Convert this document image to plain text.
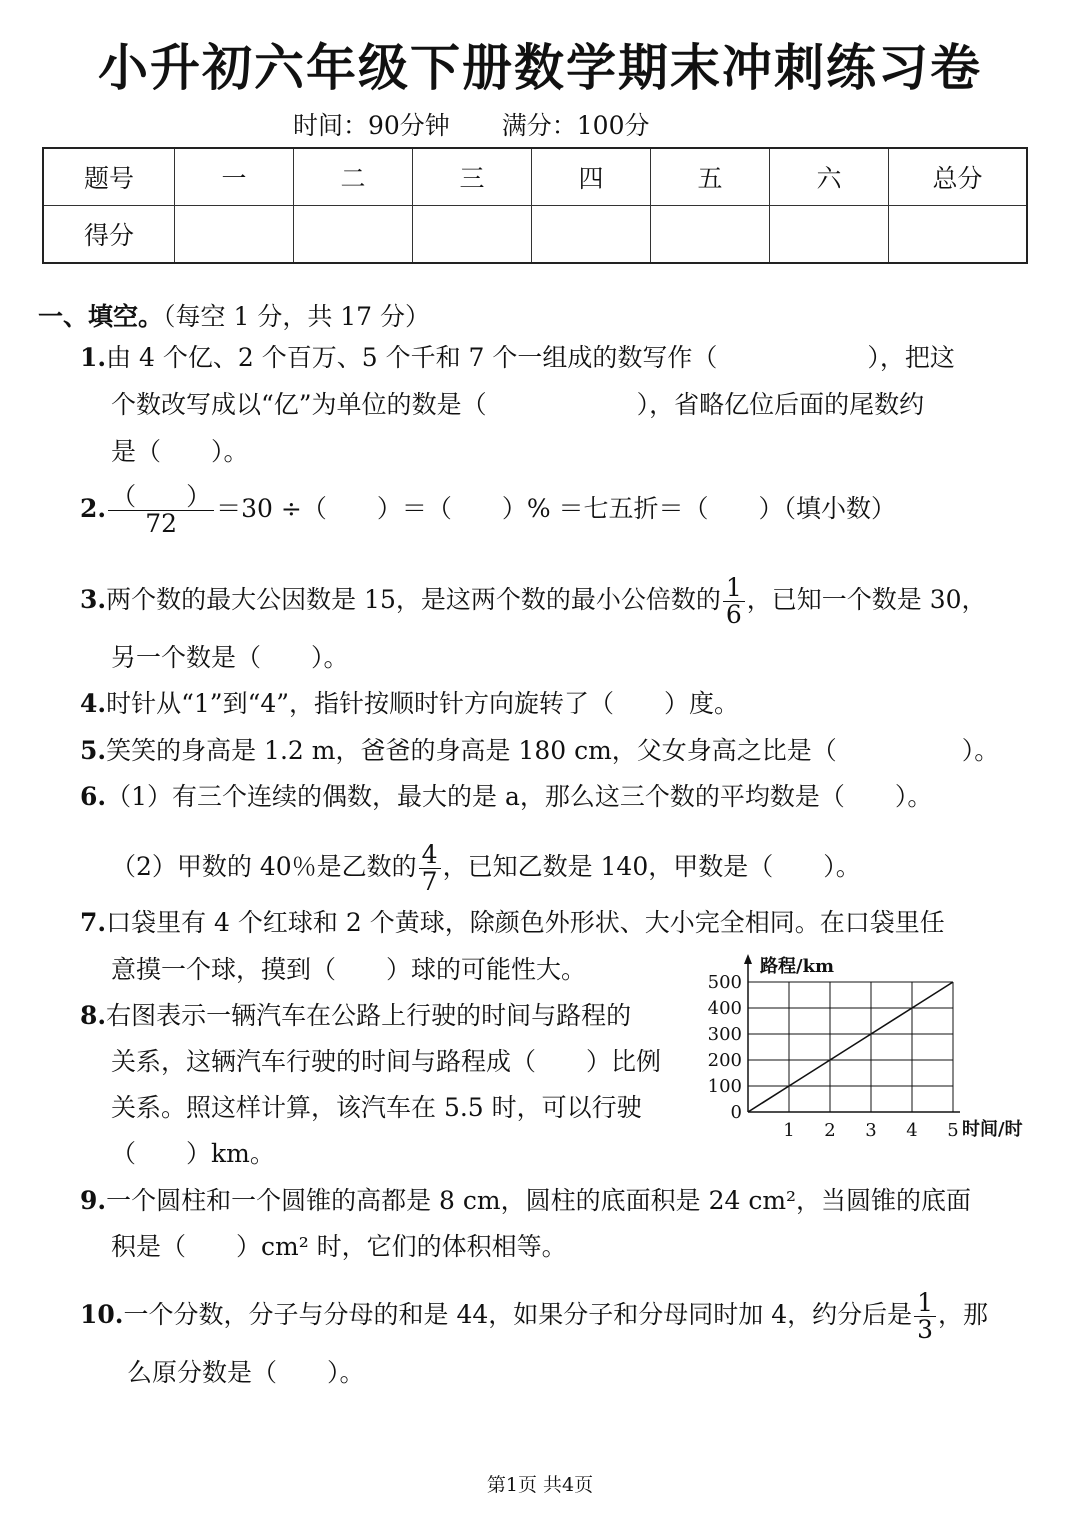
小升初六年级下册数学期末冲刺练习卷
时间：90分钟 满分：100分
题号	一	二	三	四	五	六	总分
得分							
一、填空。（每空 1 分，共 17 分）
1.由 4 个亿、2 个百万、5 个千和 7 个一组成的数写作（　　　　　　），把这
个数改写成以“亿”为单位的数是（　　　　　　），省略亿位后面的尾数约
是（　　）。
2. $\frac{( )}{72} =30$ ÷（　　）＝（　　）% ＝七五折＝（　　）（填小数）
3.两个数的最大公因数是 15，是这两个数的最小公倍数的 $\frac{1}{6}$ ，已知一个数是 30，
另一个数是（　　）。
4.时针从“1”到“4”，指针按顺时针方向旋转了（　　）度。
5.笑笑的身高是 1.2 m，爸爸的身高是 180 cm，父女身高之比是（　　　　　）。
6.（1）有三个连续的偶数，最大的是 a，那么这三个数的平均数是（　　）。
（2）甲数的 40％是乙数的 $\frac{4}{7}$ ，已知乙数是 140，甲数是（　　）。
7.口袋里有 4 个红球和 2 个黄球，除颜色外形状、大小完全相同。在口袋里任
意摸一个球，摸到（　　）球的可能性大。
8.右图表示一辆汽车在公路上行驶的时间与路程的
关系，这辆汽车行驶的时间与路程成（　　）比例
关系。照这样计算，该汽车在 5.5 时，可以行驶
（　　）km。
0
100
200
300
400
500
1 2 3 4 5
路程/km
时间/时
9.一个圆柱和一个圆锥的高都是 8 cm，圆柱的底面积是 24 cm²，当圆锥的底面
积是（　　）cm² 时，它们的体积相等。
10.一个分数，分子与分母的和是 44，如果分子和分母同时加 4，约分后是 $\frac{1}{3}$ ，那
么原分数是（　　）。
第1页 共4页
